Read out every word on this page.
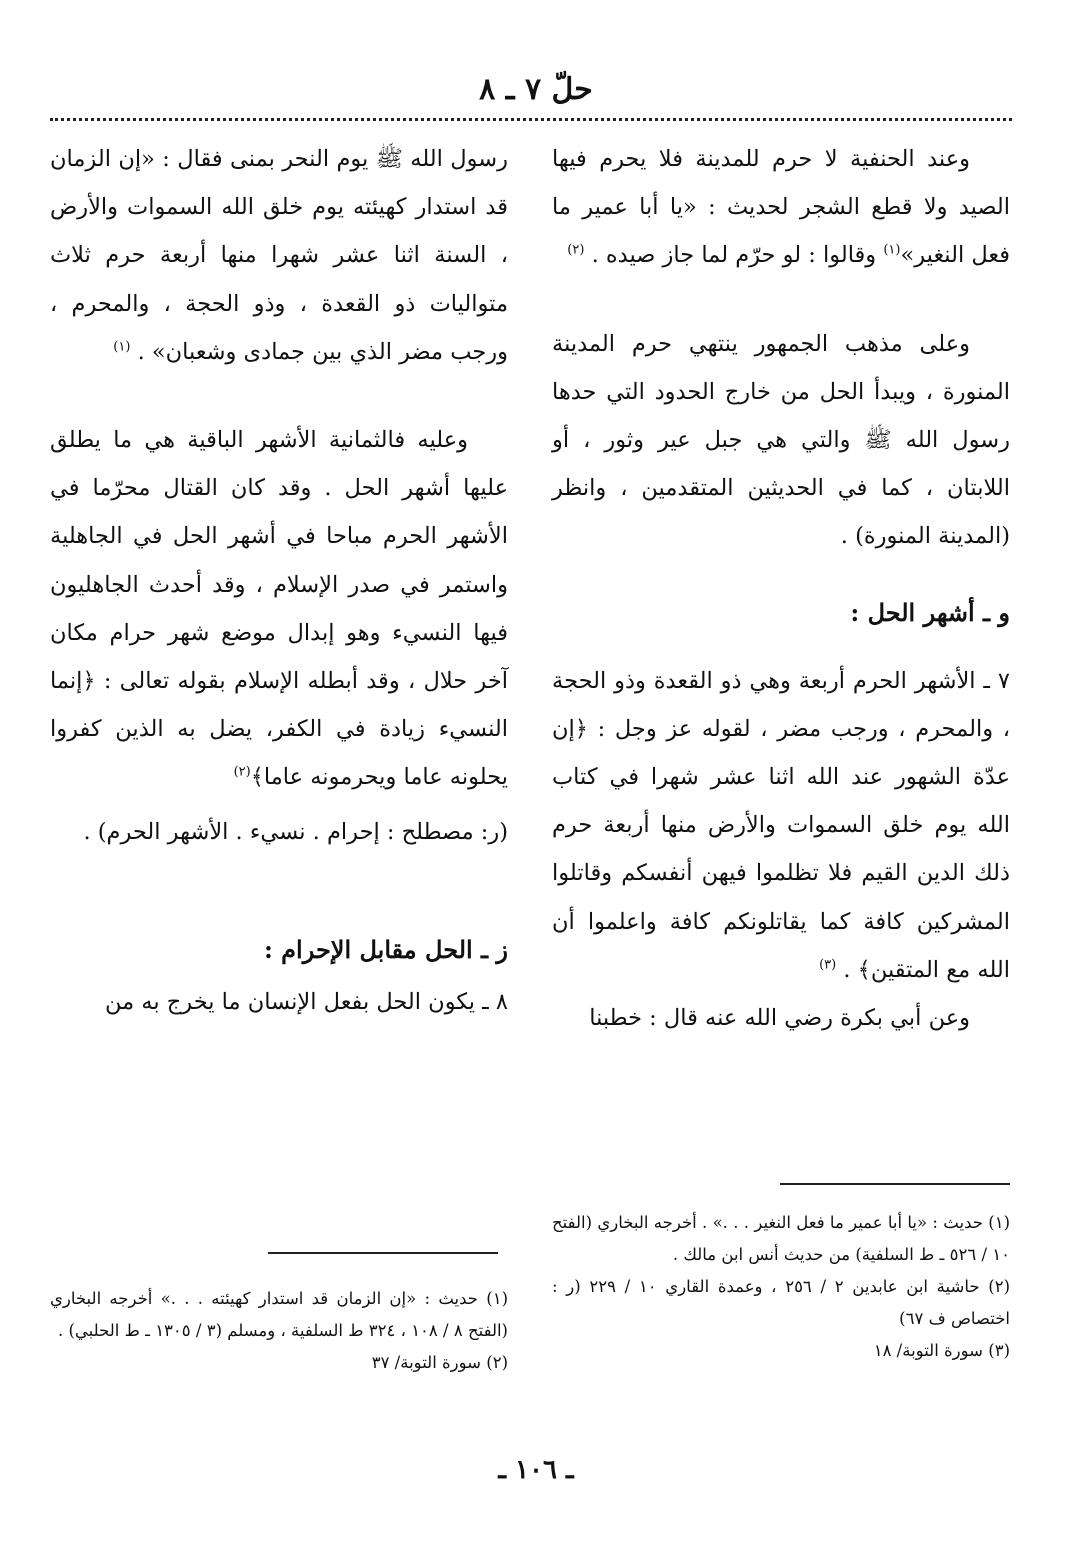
حلّ ٧ ـ ٨

وعند الحنفية لا حرم للمدينة فلا يحرم فيها الصيد ولا قطع الشجر لحديث : «يا أبا عمير ما فعل النغير»$^{(١)}$ وقالوا : لو حرّم لما جاز صيده . $^{(٢)}$

وعلى مذهب الجمهور ينتهي حرم المدينة المنورة ، ويبدأ الحل من خارج الحدود التي حدها رسول الله ﷺ والتي هي جبل عير وثور ، أو اللابتان ، كما في الحديثين المتقدمين ، وانظر (المدينة المنورة) .

و ـ أشهر الحل :

٧ ـ الأشهر الحرم أربعة وهي ذو القعدة وذو الحجة ، والمحرم ، ورجب مضر ، لقوله عز وجل : ﴿إن عدّة الشهور عند الله اثنا عشر شهرا في كتاب الله يوم خلق السموات والأرض منها أربعة حرم ذلك الدين القيم فلا تظلموا فيهن أنفسكم وقاتلوا المشركين كافة كما يقاتلونكم كافة واعلموا أن الله مع المتقين﴾ . $^{(٣)}$

وعن أبي بكرة رضي الله عنه قال : خطبنا

رسول الله ﷺ يوم النحر بمنى فقال : «إن الزمان قد استدار كهيئته يوم خلق الله السموات والأرض ، السنة اثنا عشر شهرا منها أربعة حرم ثلاث متواليات ذو القعدة ، وذو الحجة ، والمحرم ، ورجب مضر الذي بين جمادى وشعبان» . $^{(١)}$

وعليه فالثمانية الأشهر الباقية هي ما يطلق عليها أشهر الحل . وقد كان القتال محرّما في الأشهر الحرم مباحا في أشهر الحل في الجاهلية واستمر في صدر الإسلام ، وقد أحدث الجاهليون فيها النسيء وهو إبدال موضع شهر حرام مكان آخر حلال ، وقد أبطله الإسلام بقوله تعالى : ﴿إنما النسيء زيادة في الكفر، يضل به الذين كفروا يحلونه عاما ويحرمونه عاما﴾$^{(٢)}$

(ر: مصطلح : إحرام . نسيء . الأشهر الحرم) .

ز ـ الحل مقابل الإحرام :

٨ ـ يكون الحل بفعل الإنسان ما يخرج به من

(١) حديث : «يا أبا عمير ما فعل النغير . . .» . أخرجه البخاري (الفتح ١٠ / ٥٢٦ ـ ط السلفية) من حديث أنس ابن مالك .

(٢) حاشية ابن عابدين ٢ / ٢٥٦ ، وعمدة القاري ١٠ / ٢٢٩ (ر : اختصاص ف ٦٧)

(٣) سورة التوبة/ ١٨

(١) حديث : «إن الزمان قد استدار كهيئته . . .» أخرجه البخاري (الفتح ٨ / ١٠٨ ، ٣٢٤ ط السلفية ، ومسلم (٣ / ١٣٠٥ ـ ط الحلبي) .

(٢) سورة التوبة/ ٣٧

ـ ١٠٦ ـ
